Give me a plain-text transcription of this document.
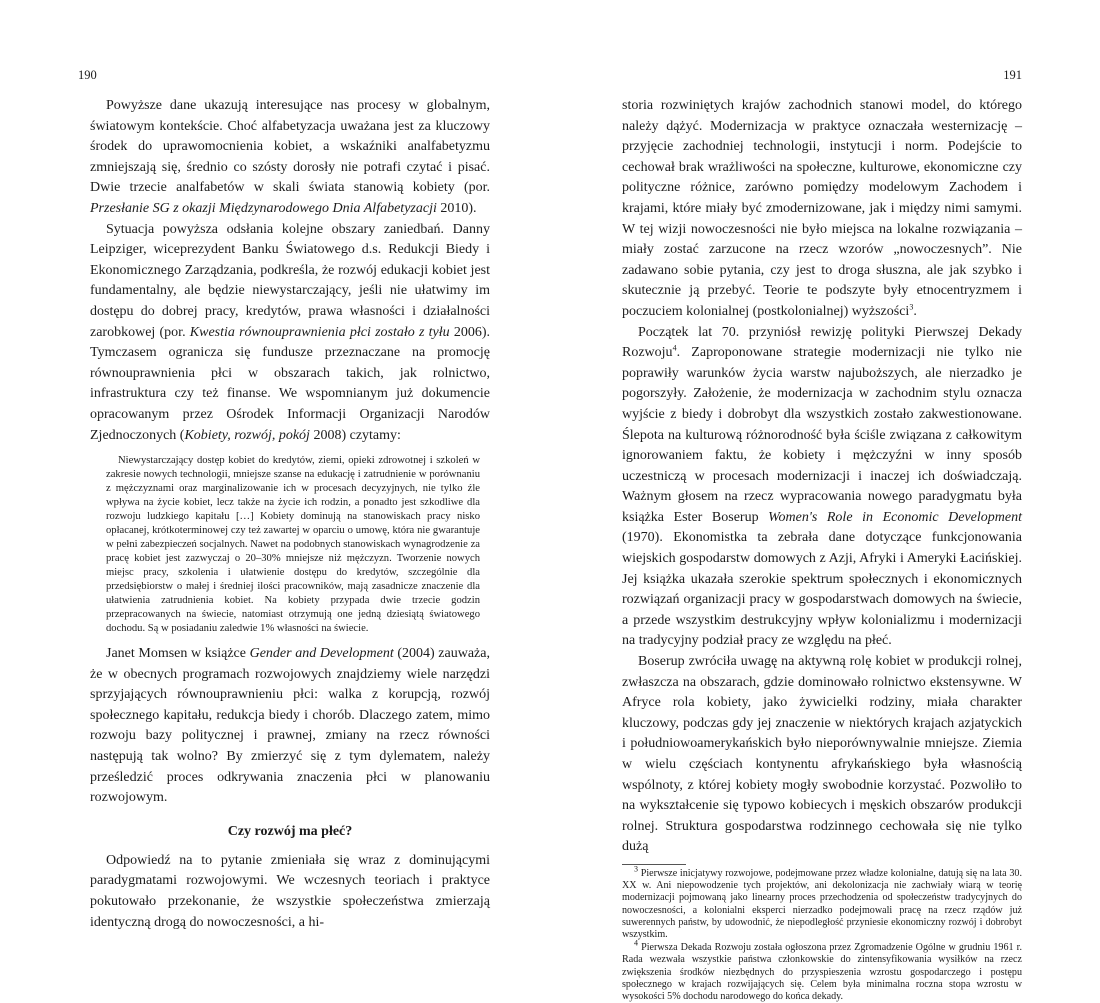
190

Powyższe dane ukazują interesujące nas procesy w globalnym, światowym kontekście. Choć alfabetyzacja uważana jest za kluczowy środek do uprawomocnienia kobiet, a wskaźniki analfabetyzmu zmniejszają się, średnio co szósty dorosły nie potrafi czytać i pisać. Dwie trzecie analfabetów w skali świata stanowią kobiety (por. Przesłanie SG z okazji Międzynarodowego Dnia Alfabetyzacji 2010).

Sytuacja powyższa odsłania kolejne obszary zaniedbań. Danny Leipziger, wiceprezydent Banku Światowego d.s. Redukcji Biedy i Ekonomicznego Zarządzania, podkreśla, że rozwój edukacji kobiet jest fundamentalny, ale będzie niewystarczający, jeśli nie ułatwimy im dostępu do dobrej pracy, kredytów, prawa własności i działalności zarobkowej (por. Kwestia równouprawnienia płci zostało z tyłu 2006). Tymczasem ogranicza się fundusze przeznaczane na promocję równouprawnienia płci w obszarach takich, jak rolnictwo, infrastruktura czy też finanse. We wspomnianym już dokumencie opracowanym przez Ośrodek Informacji Organizacji Narodów Zjednoczonych (Kobiety, rozwój, pokój 2008) czytamy:

Niewystarczający dostęp kobiet do kredytów, ziemi, opieki zdrowotnej i szkoleń w zakresie nowych technologii, mniejsze szanse na edukację i zatrudnienie w porównaniu z mężczyznami oraz marginalizowanie ich w procesach decyzyjnych, nie tylko źle wpływa na życie kobiet, lecz także na życie ich rodzin, a ponadto jest szkodliwe dla rozwoju ludzkiego kapitału […] Kobiety dominują na stanowiskach pracy nisko opłacanej, krótkoterminowej czy też zawartej w oparciu o umowę, która nie gwarantuje w pełni zabezpieczeń socjalnych. Nawet na podobnych stanowiskach wynagrodzenie za pracę kobiet jest zazwyczaj o 20–30% mniejsze niż mężczyzn. Tworzenie nowych miejsc pracy, szkolenia i ułatwienie dostępu do kredytów, szczególnie dla przedsiębiorstw o małej i średniej ilości pracowników, mają zasadnicze znaczenie dla ułatwienia zatrudnienia kobiet. Na kobiety przypada dwie trzecie godzin przepracowanych na świecie, natomiast otrzymują one jedną dziesiątą światowego dochodu. Są w posiadaniu zaledwie 1% własności na świecie.

Janet Momsen w książce Gender and Development (2004) zauważa, że w obecnych programach rozwojowych znajdziemy wiele narzędzi sprzyjających równouprawnieniu płci: walka z korupcją, rozwój społecznego kapitału, redukcja biedy i chorób. Dlaczego zatem, mimo rozwoju bazy politycznej i prawnej, zmiany na rzecz równości następują tak wolno? By zmierzyć się z tym dylematem, należy prześledzić proces odkrywania znaczenia płci w planowaniu rozwojowym.

Czy rozwój ma płeć?

Odpowiedź na to pytanie zmieniała się wraz z dominującymi paradygmatami rozwojowymi. We wczesnych teoriach i praktyce pokutowało przekonanie, że wszystkie społeczeństwa zmierzają identyczną drogą do nowoczesności, a hi-

191

storia rozwiniętych krajów zachodnich stanowi model, do którego należy dążyć. Modernizacja w praktyce oznaczała westernizację – przyjęcie zachodniej technologii, instytucji i norm. Podejście to cechował brak wrażliwości na społeczne, kulturowe, ekonomiczne czy polityczne różnice, zarówno pomiędzy modelowym Zachodem i krajami, które miały być zmodernizowane, jak i między nimi samymi. W tej wizji nowoczesności nie było miejsca na lokalne rozwiązania – miały zostać zarzucone na rzecz wzorów „nowoczesnych”. Nie zadawano sobie pytania, czy jest to droga słuszna, ale jak szybko i skutecznie ją przebyć. Teorie te podszyte były etnocentryzmem i poczuciem kolonialnej (postkolonialnej) wyższości$^3$.

Początek lat 70. przyniósł rewizję polityki Pierwszej Dekady Rozwoju$^4$. Zaproponowane strategie modernizacji nie tylko nie poprawiły warunków życia warstw najuboższych, ale nierzadko je pogorszyły. Założenie, że modernizacja w zachodnim stylu oznacza wyjście z biedy i dobrobyt dla wszystkich zostało zakwestionowane. Ślepota na kulturową różnorodność była ściśle związana z całkowitym ignorowaniem faktu, że kobiety i mężczyźni w inny sposób uczestniczą w procesach modernizacji i inaczej ich doświadczają. Ważnym głosem na rzecz wypracowania nowego paradygmatu była książka Ester Boserup Women's Role in Economic Development (1970). Ekonomistka ta zebrała dane dotyczące funkcjonowania wiejskich gospodarstw domowych z Azji, Afryki i Ameryki Łacińskiej. Jej książka ukazała szerokie spektrum społecznych i ekonomicznych rozwiązań organizacji pracy w gospodarstwach domowych na świecie, a przede wszystkim destrukcyjny wpływ kolonializmu i modernizacji na tradycyjny podział pracy ze względu na płeć.

Boserup zwróciła uwagę na aktywną rolę kobiet w produkcji rolnej, zwłaszcza na obszarach, gdzie dominowało rolnictwo ekstensywne. W Afryce rola kobiety, jako żywicielki rodziny, miała charakter kluczowy, podczas gdy jej znaczenie w niektórych krajach azjatyckich i południowoamerykańskich było nieporównywalnie mniejsze. Ziemia w wielu częściach kontynentu afrykańskiego była własnością wspólnoty, z której kobiety mogły swobodnie korzystać. Pozwoliło to na wykształcenie się typowo kobiecych i męskich obszarów produkcji rolnej. Struktura gospodarstwa rodzinnego cechowała się nie tylko dużą

$^3$ Pierwsze inicjatywy rozwojowe, podejmowane przez władze kolonialne, datują się na lata 30. XX w. Ani niepowodzenie tych projektów, ani dekolonizacja nie zachwiały wiarą w teorię modernizacji pojmowaną jako linearny proces przechodzenia od społeczeństw tradycyjnych do nowoczesności, a kolonialni eksperci nierzadko podejmowali pracę na rzecz rządów już suwerennych państw, by udowodnić, że niepodległość przyniesie ekonomiczny rozwój i dobrobyt wszystkim.

$^4$ Pierwsza Dekada Rozwoju została ogłoszona przez Zgromadzenie Ogólne w grudniu 1961 r. Rada wezwała wszystkie państwa członkowskie do zintensyfikowania wysiłków na rzecz zwiększenia środków niezbędnych do przyspieszenia wzrostu gospodarczego i postępu społecznego w krajach rozwijających się. Celem była minimalna roczna stopa wzrostu w wysokości 5% dochodu narodowego do końca dekady.
